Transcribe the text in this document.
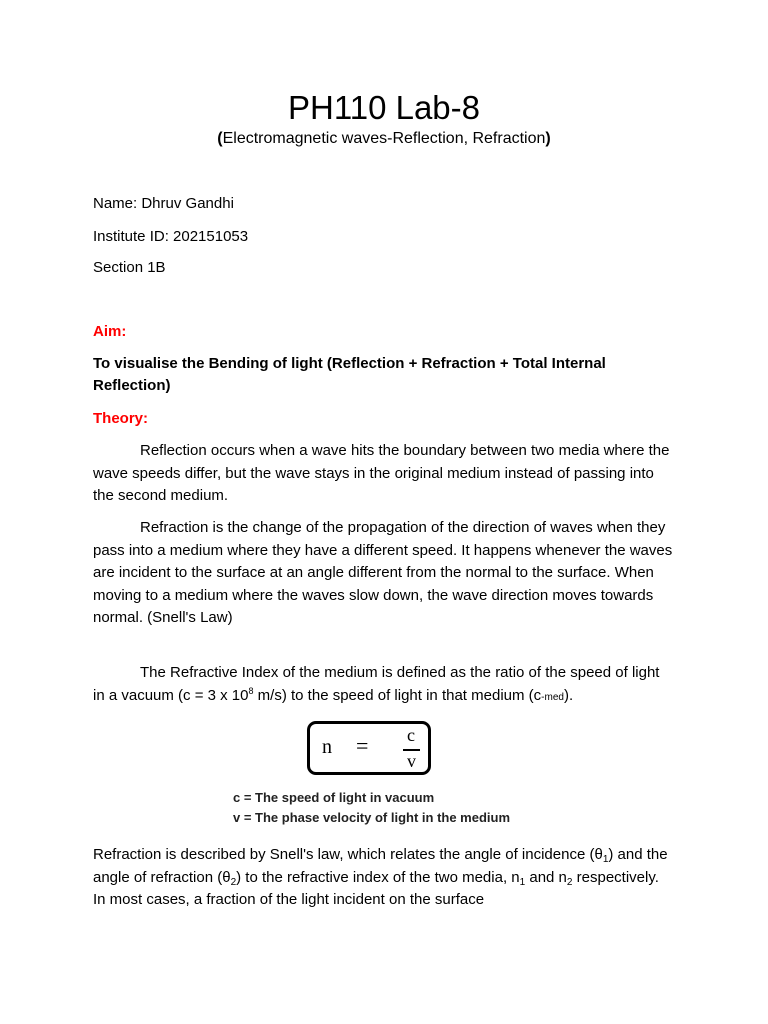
PH110 Lab-8
(Electromagnetic waves-Reflection, Refraction)
Name: Dhruv Gandhi
Institute ID: 202151053
Section 1B
Aim:
To visualise the Bending of light (Reflection + Refraction + Total Internal Reflection)
Theory:
Reflection occurs when a wave hits the boundary between two media where the wave speeds differ, but the wave stays in the original medium instead of passing into the second medium.
Refraction is the change of the propagation of the direction of waves when they pass into a medium where they have a different speed. It happens whenever the waves are incident to the surface at an angle different from the normal to the surface. When moving to a medium where the waves slow down, the wave direction moves towards normal. (Snell's Law)
The Refractive Index of the medium is defined as the ratio of the speed of light in a vacuum (c = 3 x $10^8$ m/s) to the speed of light in that medium (c-med).
n = c
v
c = The speed of light in vacuum
v = The phase velocity of light in the medium
Refraction is described by Snell's law, which relates the angle of incidence $(\theta_1)$ and the angle of refraction $(\theta_2)$ to the refractive index of the two media, $n_1$ and $n_2$ respectively. In most cases, a fraction of the light incident on the surface
